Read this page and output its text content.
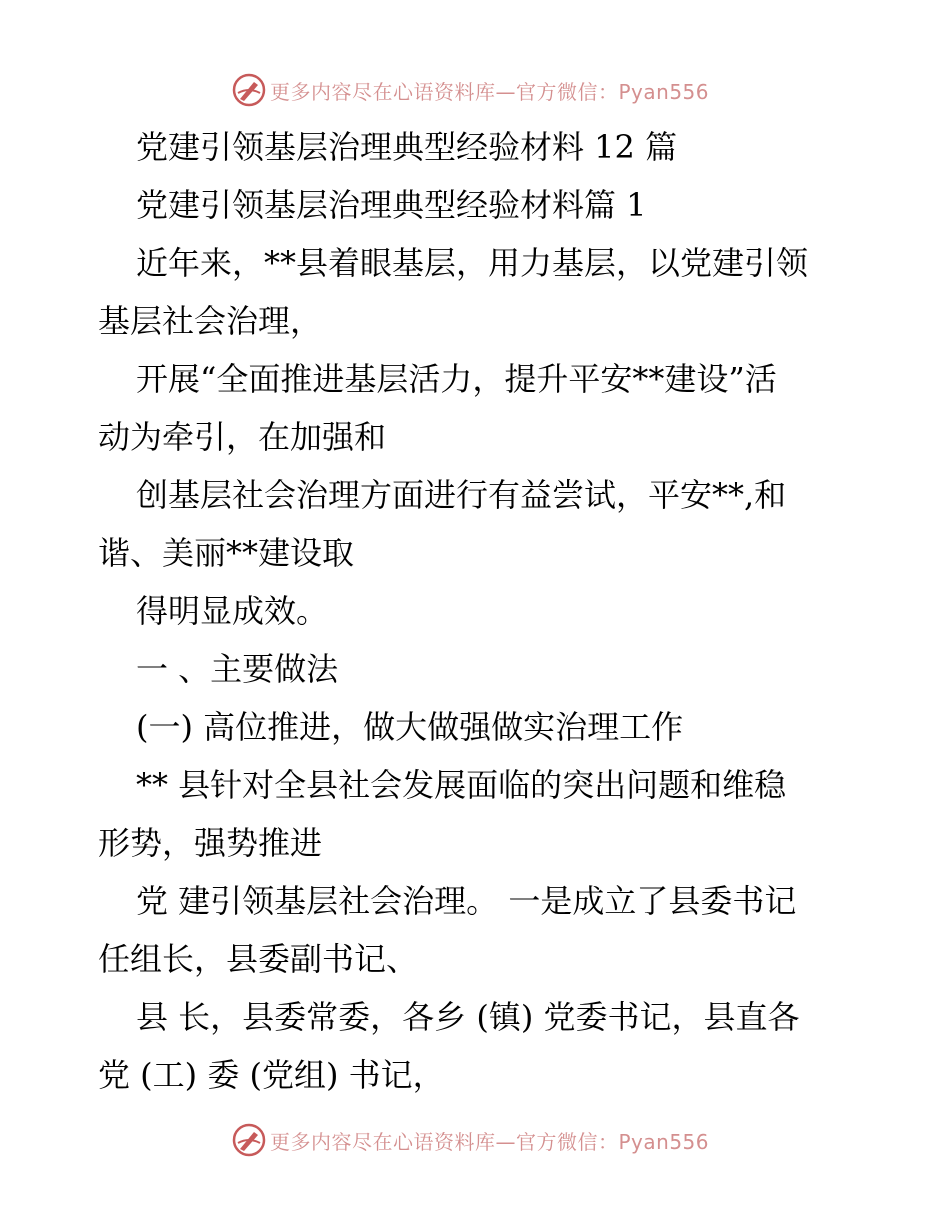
更多内容尽在心语资料库—官方微信：Pyan556
党建引领基层治理典型经验材料 12 篇
党建引领基层治理典型经验材料篇 1
近年来，**县着眼基层，用力基层，以党建引领
基层社会治理，
开展“全面推进基层活力，提升平安**建设”活
动为牵引，在加强和
创基层社会治理方面进行有益尝试，平安**,和
谐、美丽**建设取
得明显成效。
一 、主要做法
(一) 高位推进，做大做强做实治理工作
** 县针对全县社会发展面临的突出问题和维稳
形势，强势推进
党 建引领基层社会治理。 一是成立了县委书记
任组长，县委副书记、
县 长，县委常委，各乡 (镇) 党委书记，县直各
党 (工) 委 (党组) 书记，
更多内容尽在心语资料库—官方微信：Pyan556
